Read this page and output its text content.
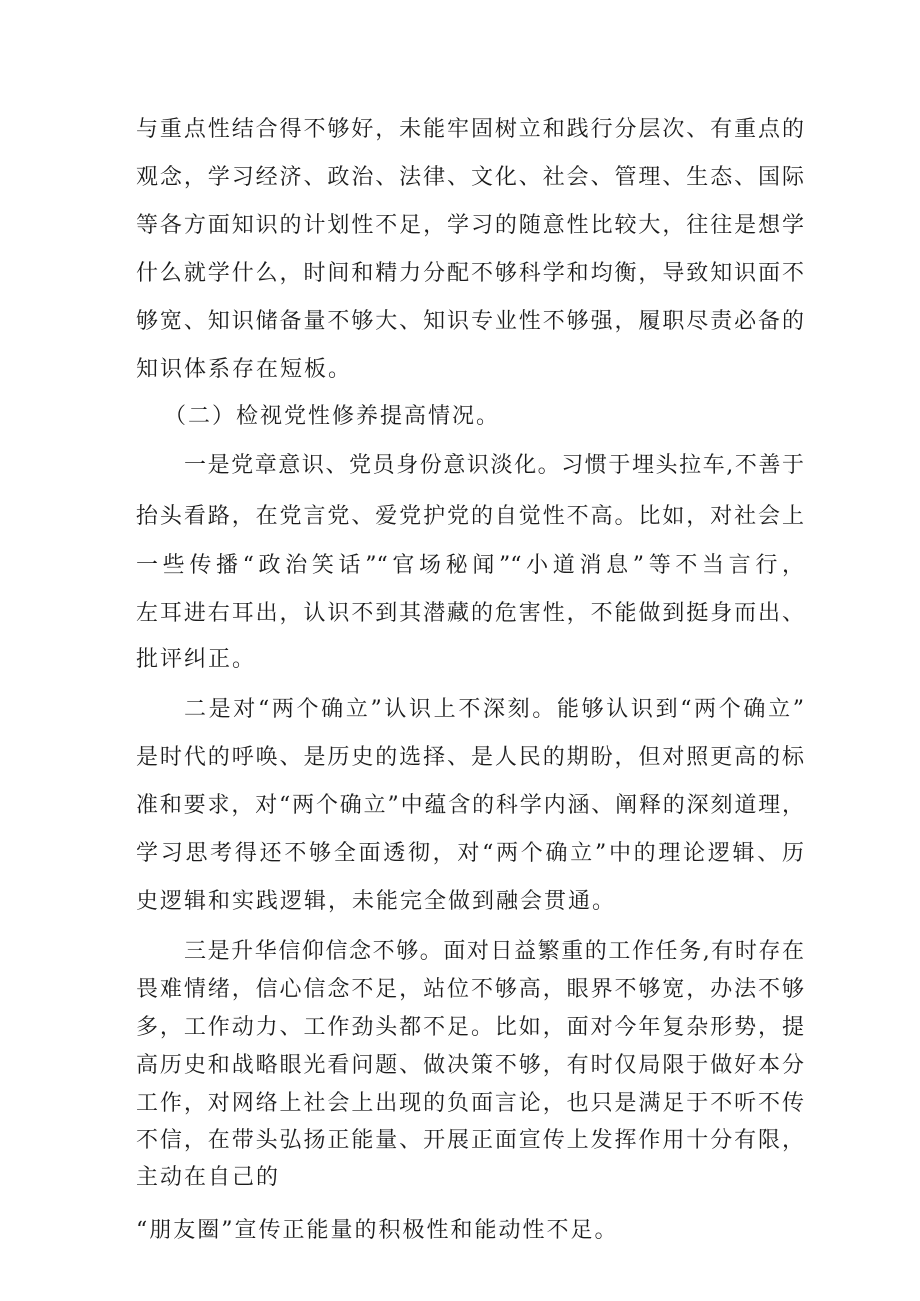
与重点性结合得不够好，未能牢固树立和践行分层次、有重点的
观念，学习经济、政治、法律、文化、社会、管理、生态、国际
等各方面知识的计划性不足，学习的随意性比较大，往往是想学
什么就学什么，时间和精力分配不够科学和均衡，导致知识面不
够宽、知识储备量不够大、知识专业性不够强，履职尽责必备的
知识体系存在短板。
（二）检视党性修养提高情况。
一是党章意识、党员身份意识淡化。习惯于埋头拉车,不善于
抬头看路，在党言党、爱党护党的自觉性不高。比如，对社会上
一些传播“政治笑话”“官场秘闻”“小道消息”等不当言行，
左耳进右耳出，认识不到其潜藏的危害性，不能做到挺身而出、
批评纠正。
二是对“两个确立”认识上不深刻。能够认识到“两个确立”
是时代的呼唤、是历史的选择、是人民的期盼，但对照更高的标
准和要求，对“两个确立”中蕴含的科学内涵、阐释的深刻道理，
学习思考得还不够全面透彻，对“两个确立”中的理论逻辑、历
史逻辑和实践逻辑，未能完全做到融会贯通。
三是升华信仰信念不够。面对日益繁重的工作任务,有时存在
畏难情绪，信心信念不足，站位不够高，眼界不够宽，办法不够
多，工作动力、工作劲头都不足。比如，面对今年复杂形势，提
高历史和战略眼光看问题、做决策不够，有时仅局限于做好本分
工作，对网络上社会上出现的负面言论，也只是满足于不听不传
不信，在带头弘扬正能量、开展正面宣传上发挥作用十分有限，
主动在自己的
“朋友圈”宣传正能量的积极性和能动性不足。
